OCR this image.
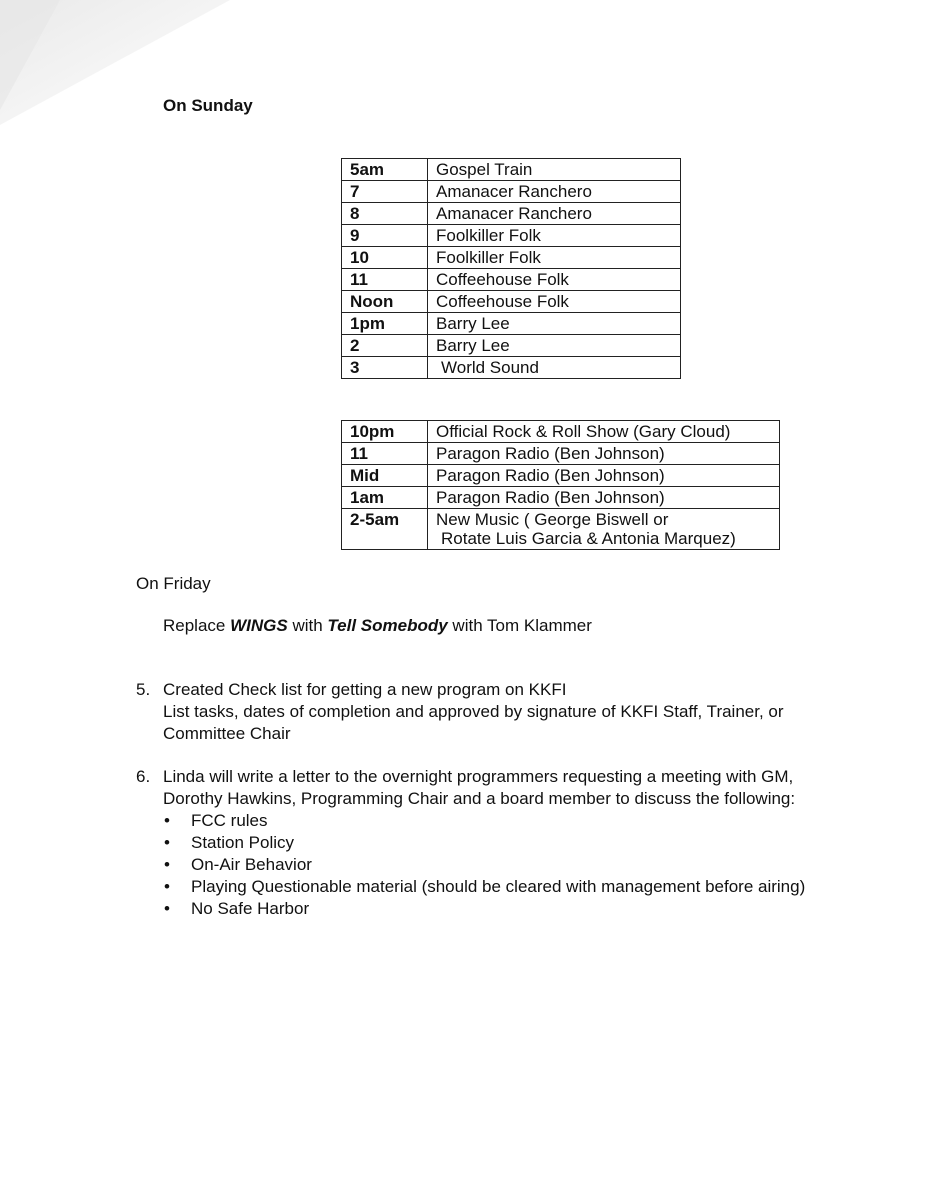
On Sunday
5am	Gospel Train
7	Amanacer Ranchero
8	Amanacer Ranchero
9	Foolkiller Folk
10	Foolkiller Folk
11	Coffeehouse Folk
Noon	Coffeehouse Folk
1pm	Barry Lee
2	Barry Lee
3	World Sound
10pm	Official Rock & Roll Show (Gary Cloud)
11	Paragon Radio (Ben Johnson)
Mid	Paragon Radio (Ben Johnson)
1am	Paragon Radio (Ben Johnson)
2-5am	New Music ( George Biswell or
Rotate Luis Garcia & Antonia Marquez)
On Friday
Replace WINGS with Tell Somebody with Tom Klammer
5. Created Check list for getting a new program on KKFI
List tasks, dates of completion and approved by signature of KKFI Staff, Trainer, or
Committee Chair
6. Linda will write a letter to the overnight programmers requesting a meeting with GM,
Dorothy Hawkins, Programming Chair and a board member to discuss the following:
• FCC rules
• Station Policy
• On-Air Behavior
• Playing Questionable material (should be cleared with management before airing)
• No Safe Harbor
